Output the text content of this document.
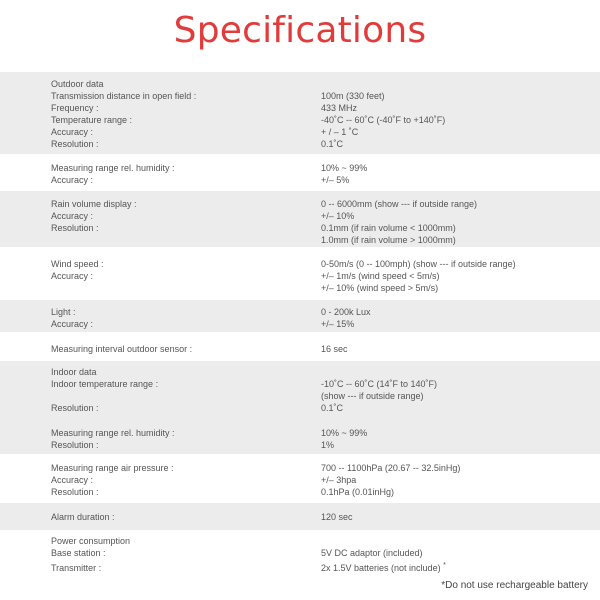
Specifications
Outdoor data
Transmission distance in open field :	100m (330 feet)
Frequency :	433 MHz
Temperature range :	-40˚C -- 60˚C (-40˚F to +140˚F)
Accuracy :	+ / – 1 ˚C
Resolution :	0.1˚C
Measuring range rel. humidity :	10% ~ 99%
Accuracy :	+/– 5%
Rain volume display :	0 -- 6000mm (show --- if outside range)
Accuracy :	+/– 10%
Resolution :	0.1mm (if rain volume < 1000mm)
1.0mm (if rain volume > 1000mm)
Wind speed :	0-50m/s (0 -- 100mph) (show --- if outside range)
Accuracy :	+/– 1m/s (wind speed < 5m/s)
+/– 10% (wind speed > 5m/s)
Light :	0 - 200k Lux
Accuracy :	+/– 15%
Measuring interval outdoor sensor :	16 sec
Indoor data
Indoor temperature range :	-10˚C -- 60˚C (14˚F to 140˚F)
(show --- if outside range)
Resolution :	0.1˚C
Measuring range rel. humidity :	10% ~ 99%
Resolution :	1%
Measuring range air pressure :	700 -- 1100hPa (20.67 -- 32.5inHg)
Accuracy :	+/– 3hpa
Resolution :	0.1hPa (0.01inHg)
Alarm duration :	120 sec
Power consumption
Base station :	5V DC adaptor (included)
Transmitter :	2x 1.5V batteries (not include) *
*Do not use rechargeable battery
